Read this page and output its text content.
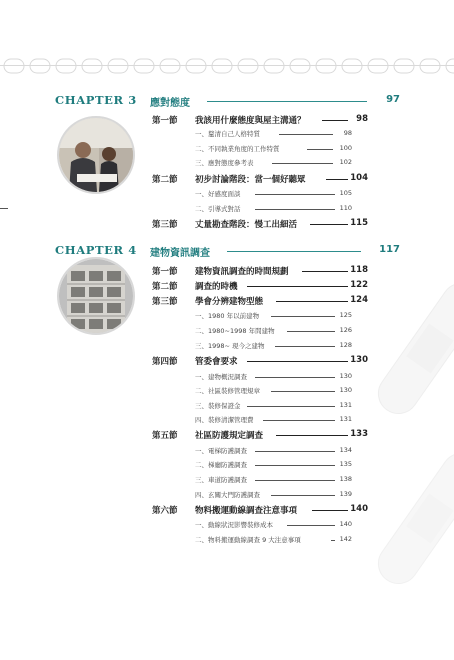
CHAPTER 3 應對態度	97
第一節 我該用什麼態度與屋主溝通？	98
一、釐清自己人格特質	98
二、不同執業角度的工作特質	100
三、應對態度參考表	102
第二節 初步討論階段：當一個好聽眾	104
一、好感度面談	105
二、引導式對話	110
第三節 丈量勘查階段：慢工出細活	115
CHAPTER 4 建物資訊調查	117
第一節 建物資訊調查的時間規劃	118
第二節 調查的時機	122
第三節 學會分辨建物型態	124
一、1980 年以前建物	125
二、1980~1998 年間建物	126
三、1998~ 現今之建物	128
第四節 管委會要求	130
一、建物概況調查	130
二、社區裝修管理規章	130
三、裝修保證金	131
四、裝修清潔管理費	131
第五節 社區防護規定調查	133
一、電梯防護調查	134
二、梯廳防護調查	135
三、車道防護調查	138
四、玄關大門防護調查	139
第六節 物料搬運動線調查注意事項	140
一、動線狀況影響裝修成本	140
二、物料搬運動線調查 9 大注意事項	142
